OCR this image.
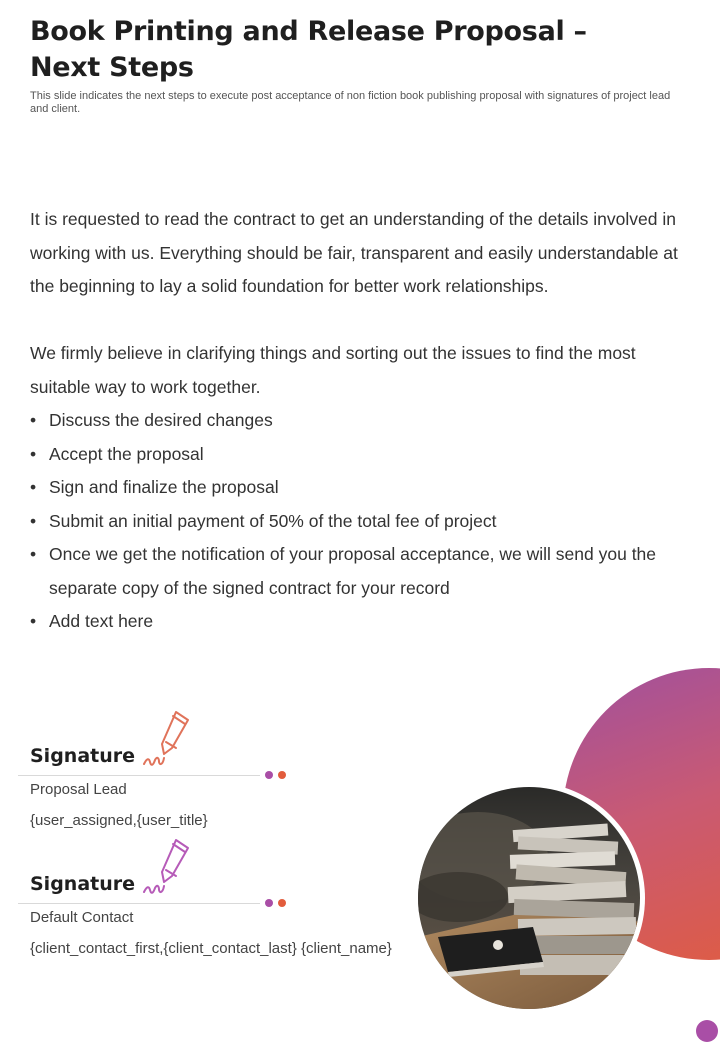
Book Printing and Release Proposal –
Next Steps
This slide indicates the next steps to execute post acceptance of non fiction book publishing proposal with signatures of project lead and client.

It is requested to read the contract to get an understanding of the details involved in working with us. Everything should be fair, transparent and easily understandable at the beginning to lay a solid foundation for better work relationships.

We firmly believe in clarifying things and sorting out the issues to find the most suitable way to work together.

• Discuss the desired changes
• Accept the proposal
• Sign and finalize the proposal
• Submit an initial payment of 50% of the total fee of project
• Once we get the notification of your proposal acceptance, we will send you the separate copy of the signed contract for your record
• Add text here
Signature
Proposal Lead
{user_assigned,{user_title}
Signature
Default Contact
{client_contact_first,{client_contact_last} {client_name}
